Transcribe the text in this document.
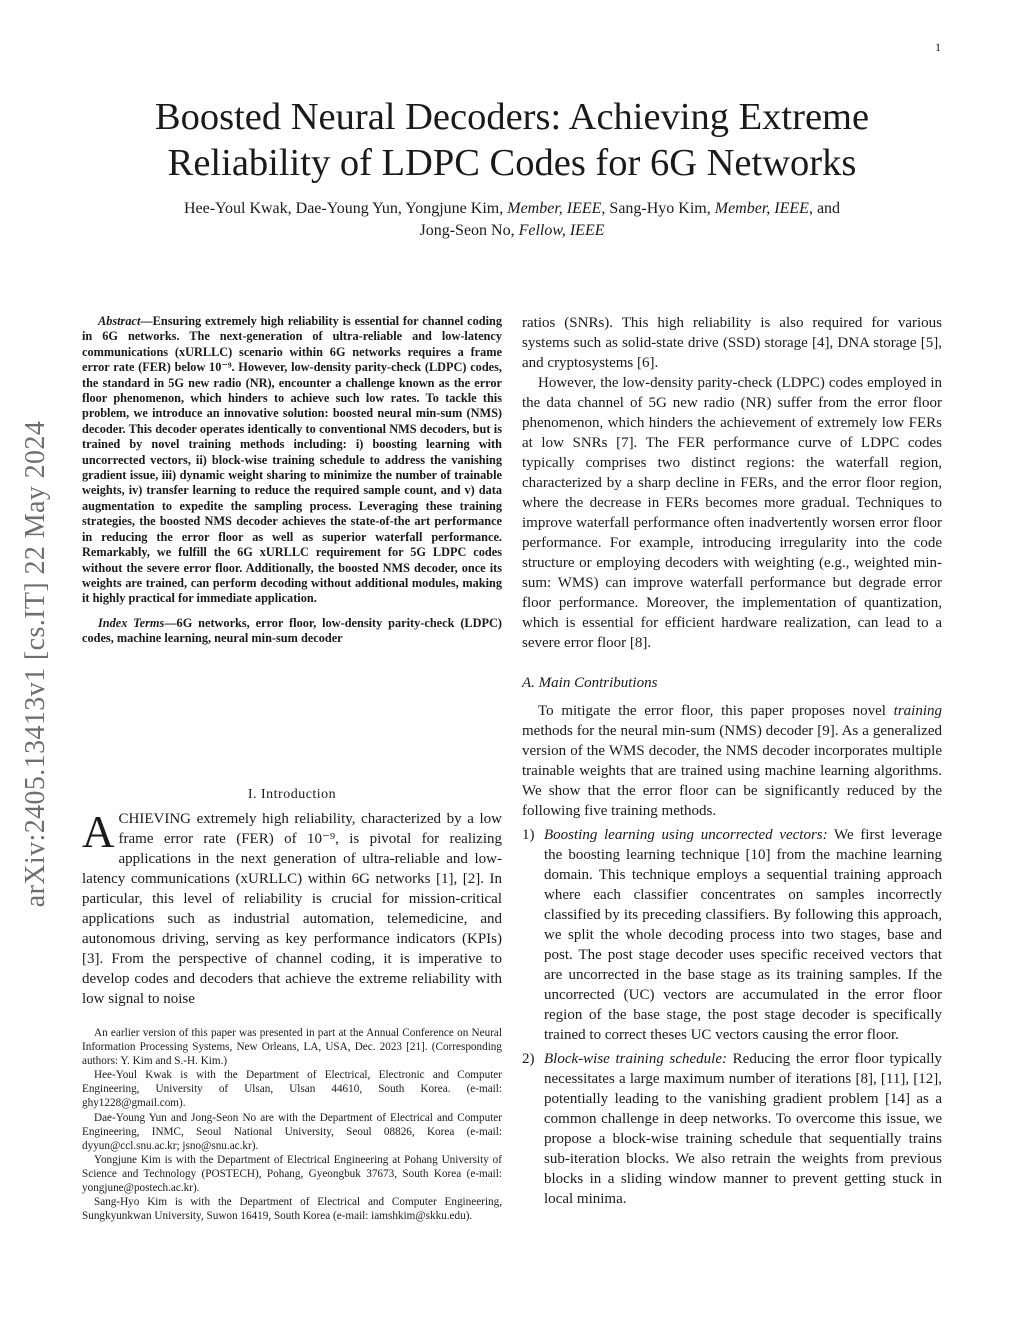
1
arXiv:2405.13413v1 [cs.IT] 22 May 2024
Boosted Neural Decoders: Achieving Extreme
Reliability of LDPC Codes for 6G Networks
Hee-Youl Kwak, Dae-Young Yun, Yongjune Kim, Member, IEEE, Sang-Hyo Kim, Member, IEEE, and
Jong-Seon No, Fellow, IEEE

Abstract—Ensuring extremely high reliability is essential for channel coding in 6G networks. The next-generation of ultra-reliable and low-latency communications (xURLLC) scenario within 6G networks requires a frame error rate (FER) below 10⁻⁹. However, low-density parity-check (LDPC) codes, the standard in 5G new radio (NR), encounter a challenge known as the error floor phenomenon, which hinders to achieve such low rates. To tackle this problem, we introduce an innovative solution: boosted neural min-sum (NMS) decoder. This decoder operates identically to conventional NMS decoders, but is trained by novel training methods including: i) boosting learning with uncorrected vectors, ii) block-wise training schedule to address the vanishing gradient issue, iii) dynamic weight sharing to minimize the number of trainable weights, iv) transfer learning to reduce the required sample count, and v) data augmentation to expedite the sampling process. Leveraging these training strategies, the boosted NMS decoder achieves the state-of-the art performance in reducing the error floor as well as superior waterfall performance. Remarkably, we fulfill the 6G xURLLC requirement for 5G LDPC codes without the severe error floor. Additionally, the boosted NMS decoder, once its weights are trained, can perform decoding without additional modules, making it highly practical for immediate application.

Index Terms—6G networks, error floor, low-density parity-check (LDPC) codes, machine learning, neural min-sum decoder

I. Introduction

ACHIEVING extremely high reliability, characterized by a low frame error rate (FER) of 10⁻⁹, is pivotal for realizing applications in the next generation of ultra-reliable and low-latency communications (xURLLC) within 6G networks [1], [2]. In particular, this level of reliability is crucial for mission-critical applications such as industrial automation, telemedicine, and autonomous driving, serving as key performance indicators (KPIs) [3]. From the perspective of channel coding, it is imperative to develop codes and decoders that achieve the extreme reliability with low signal to noise

An earlier version of this paper was presented in part at the Annual Conference on Neural Information Processing Systems, New Orleans, LA, USA, Dec. 2023 [21]. (Corresponding authors: Y. Kim and S.-H. Kim.)

Hee-Youl Kwak is with the Department of Electrical, Electronic and Computer Engineering, University of Ulsan, Ulsan 44610, South Korea. (e-mail: ghy1228@gmail.com).

Dae-Young Yun and Jong-Seon No are with the Department of Electrical and Computer Engineering, INMC, Seoul National University, Seoul 08826, Korea (e-mail: dyyun@ccl.snu.ac.kr; jsno@snu.ac.kr).

Yongjune Kim is with the Department of Electrical Engineering at Pohang University of Science and Technology (POSTECH), Pohang, Gyeongbuk 37673, South Korea (e-mail: yongjune@postech.ac.kr).

Sang-Hyo Kim is with the Department of Electrical and Computer Engineering, Sungkyunkwan University, Suwon 16419, South Korea (e-mail: iamshkim@skku.edu).

ratios (SNRs). This high reliability is also required for various systems such as solid-state drive (SSD) storage [4], DNA storage [5], and cryptosystems [6].

However, the low-density parity-check (LDPC) codes employed in the data channel of 5G new radio (NR) suffer from the error floor phenomenon, which hinders the achievement of extremely low FERs at low SNRs [7]. The FER performance curve of LDPC codes typically comprises two distinct regions: the waterfall region, characterized by a sharp decline in FERs, and the error floor region, where the decrease in FERs becomes more gradual. Techniques to improve waterfall performance often inadvertently worsen error floor performance. For example, introducing irregularity into the code structure or employing decoders with weighting (e.g., weighted min-sum: WMS) can improve waterfall performance but degrade error floor performance. Moreover, the implementation of quantization, which is essential for efficient hardware realization, can lead to a severe error floor [8].

A. Main Contributions

To mitigate the error floor, this paper proposes novel training methods for the neural min-sum (NMS) decoder [9]. As a generalized version of the WMS decoder, the NMS decoder incorporates multiple trainable weights that are trained using machine learning algorithms. We show that the error floor can be significantly reduced by the following five training methods.

1) Boosting learning using uncorrected vectors: We first leverage the boosting learning technique [10] from the machine learning domain. This technique employs a sequential training approach where each classifier concentrates on samples incorrectly classified by its preceding classifiers. By following this approach, we split the whole decoding process into two stages, base and post. The post stage decoder uses specific received vectors that are uncorrected in the base stage as its training samples. If the uncorrected (UC) vectors are accumulated in the error floor region of the base stage, the post stage decoder is specifically trained to correct theses UC vectors causing the error floor.
2) Block-wise training schedule: Reducing the error floor typically necessitates a large maximum number of iterations [8], [11], [12], potentially leading to the vanishing gradient problem [14] as a common challenge in deep networks. To overcome this issue, we propose a block-wise training schedule that sequentially trains sub-iteration blocks. We also retrain the weights from previous blocks in a sliding window manner to prevent getting stuck in local minima.
